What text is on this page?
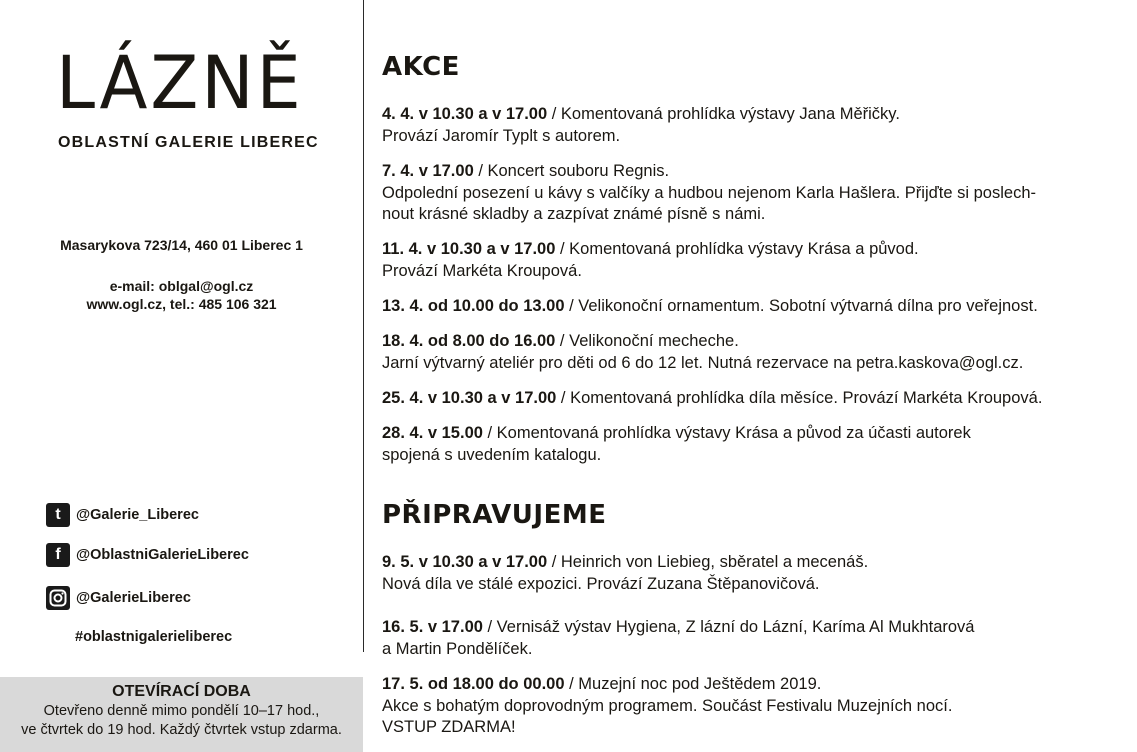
LÁZNĚ
OBLASTNÍ GALERIE LIBEREC
Masarykova 723/14, 460 01 Liberec 1
e-mail: oblgal@ogl.cz
www.ogl.cz, tel.: 485 106 321
t	@Galerie_Liberec
f	@OblastniGalerieLiberec
@GalerieLiberec
#oblastnigalerieliberec
OTEVÍRACÍ DOBA
Otevřeno denně mimo pondělí 10–17 hod.,
ve čtvrtek do 19 hod. Každý čtvrtek vstup zdarma.
AKCE

4. 4. v 10.30 a v 17.00 / Komentovaná prohlídka výstavy Jana Měřičky.

Provází Jaromír Typlt s autorem.

7. 4. v 17.00 / Koncert souboru Regnis.

Odpolední posezení u kávy s valčíky a hudbou nejenom Karla Hašlera. Přijďte si poslech-

nout krásné skladby a zazpívat známé písně s námi.

11. 4. v 10.30 a v 17.00 / Komentovaná prohlídka výstavy Krása a původ.

Provází Markéta Kroupová.

13. 4. od 10.00 do 13.00 / Velikonoční ornamentum. Sobotní výtvarná dílna pro veřejnost.

18. 4. od 8.00 do 16.00 / Velikonoční mecheche.

Jarní výtvarný ateliér pro děti od 6 do 12 let. Nutná rezervace na petra.kaskova@ogl.cz.

25. 4. v 10.30 a v 17.00 / Komentovaná prohlídka díla měsíce. Provází Markéta Kroupová.

28. 4. v 15.00 / Komentovaná prohlídka výstavy Krása a původ za účasti autorek

spojená s uvedením katalogu.

PŘIPRAVUJEME

9. 5. v 10.30 a v 17.00 / Heinrich von Liebieg, sběratel a mecenáš.

Nová díla ve stálé expozici. Provází Zuzana Štěpanovičová.

16. 5. v 17.00 / Vernisáž výstav Hygiena, Z lázní do Lázní, Karíma Al Mukhtarová

a Martin Pondělíček.

17. 5. od 18.00 do 00.00 / Muzejní noc pod Ještědem 2019.

Akce s bohatým doprovodným programem. Součást Festivalu Muzejních nocí.

VSTUP ZDARMA!
